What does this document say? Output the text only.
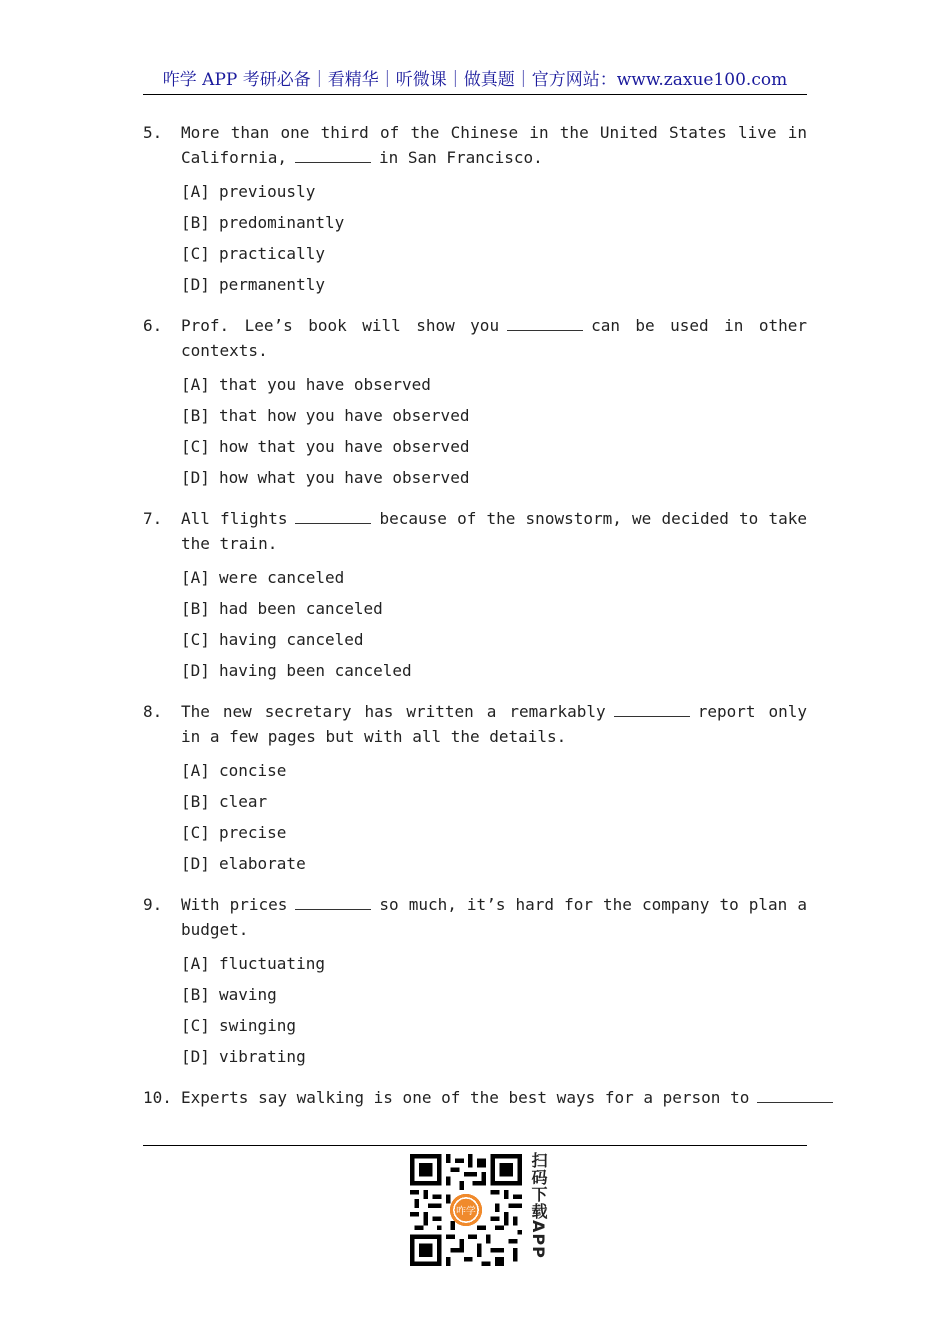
咋学 APP 考研必备｜看精华｜听微课｜做真题｜官方网站：www.zaxue100.com
5.	More than one third of the Chinese in the United States live in California,	in San Francisco.
[A] previously
[B] predominantly
[C] practically
[D] permanently
6.	Prof. Lee’s book will show you	can be used in other contexts.
[A] that you have observed
[B] that how you have observed
[C] how that you have observed
[D] how what you have observed
7.	All flights	because of the snowstorm, we decided to take the train.
[A] were canceled
[B] had been canceled
[C] having canceled
[D] having been canceled
8.	The new secretary has written a remarkably	report only in a few pages but with all the details.
[A] concise
[B] clear
[C] precise
[D] elaborate
9.	With prices	so much, it’s hard for the company to plan a budget.
[A] fluctuating
[B] waving
[C] swinging
[D] vibrating
10. Experts say walking is one of the best ways for a person to
咋学	扫码下载APP
